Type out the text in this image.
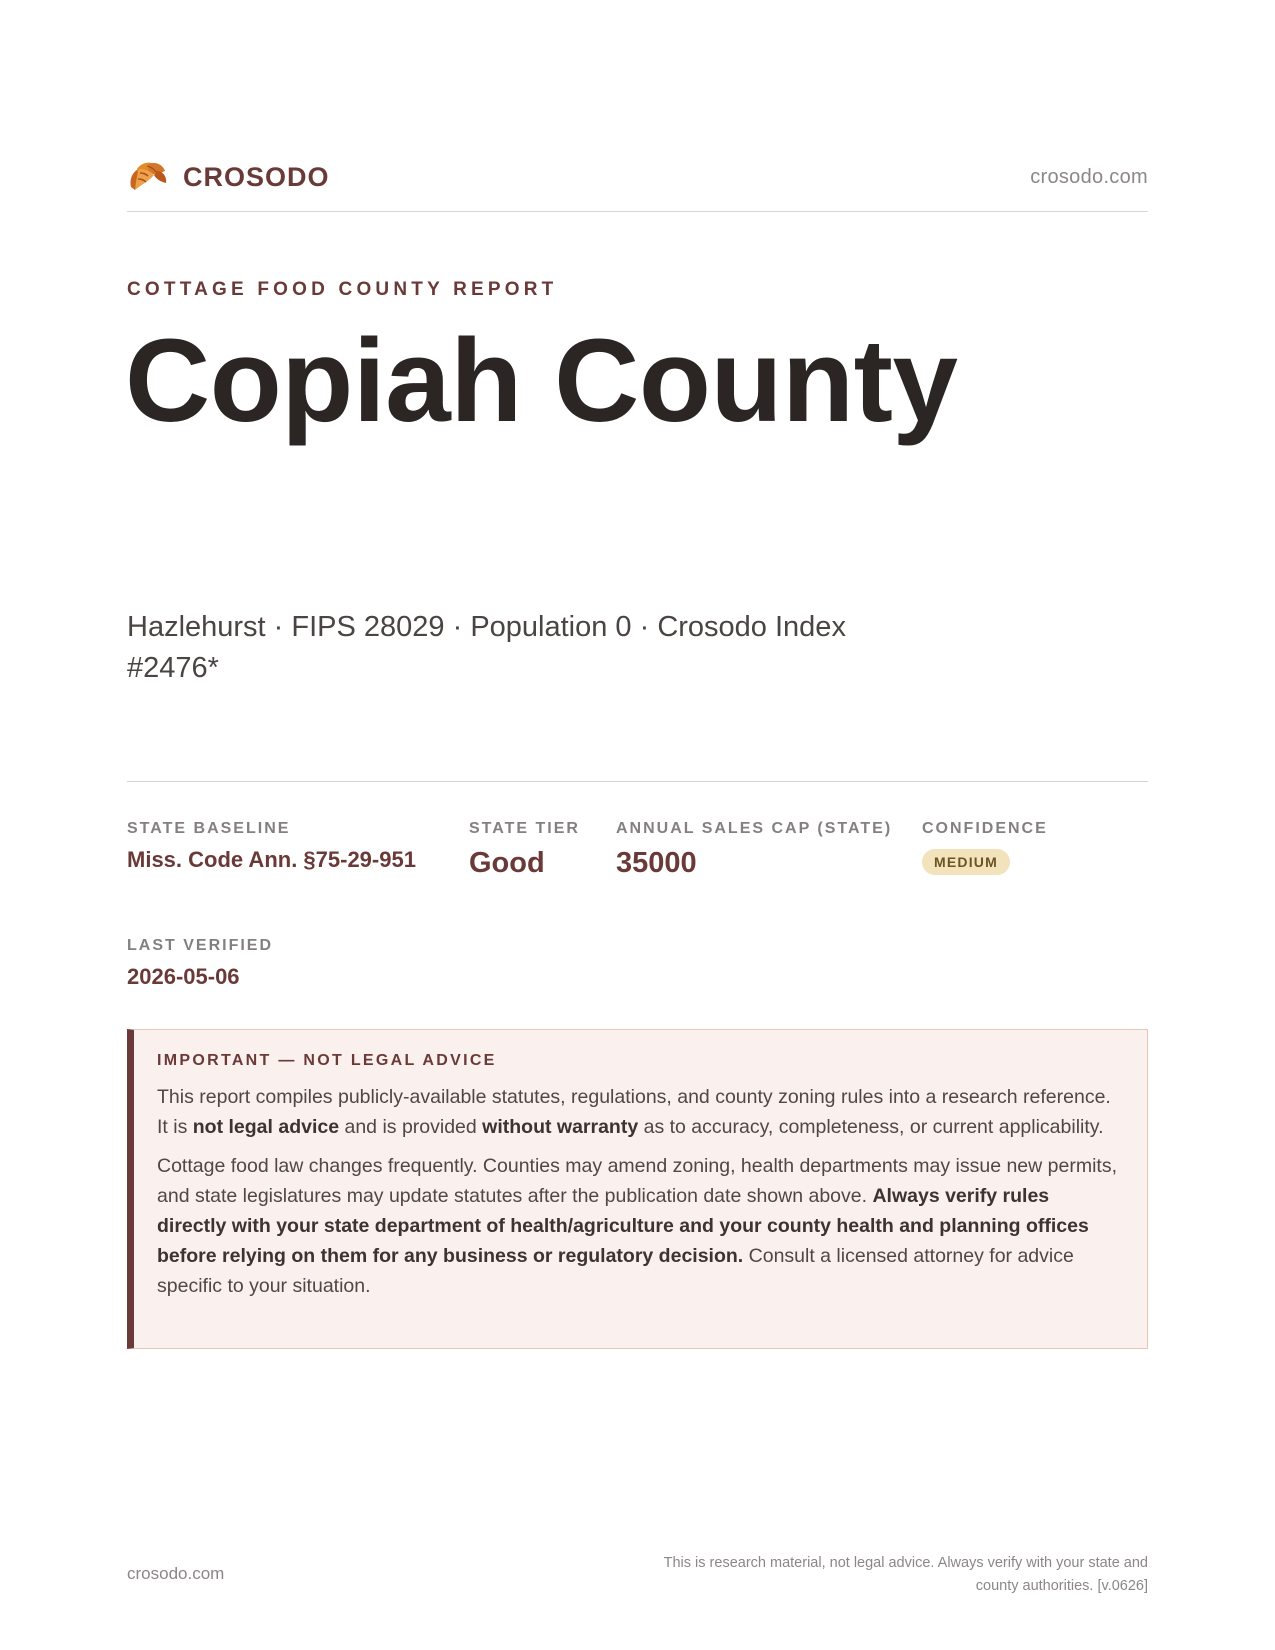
CROSODO	crosodo.com
COTTAGE FOOD COUNTY REPORT
Copiah County
Hazlehurst · FIPS 28029 · Population 0 · Crosodo Index #2476*
STATE BASELINE
Miss. Code Ann. §75-29-951
STATE TIER
Good
ANNUAL SALES CAP (STATE)
35000
CONFIDENCE
MEDIUM
LAST VERIFIED
2026-05-06
IMPORTANT — NOT LEGAL ADVICE

This report compiles publicly-available statutes, regulations, and county zoning rules into a research reference. It is not legal advice and is provided without warranty as to accuracy, completeness, or current applicability.

Cottage food law changes frequently. Counties may amend zoning, health departments may issue new permits, and state legislatures may update statutes after the publication date shown above. Always verify rules directly with your state department of health/agriculture and your county health and planning offices before relying on them for any business or regulatory decision. Consult a licensed attorney for advice specific to your situation.

crosodo.com
This is research material, not legal advice. Always verify with your state and county authorities. [v.0626]
